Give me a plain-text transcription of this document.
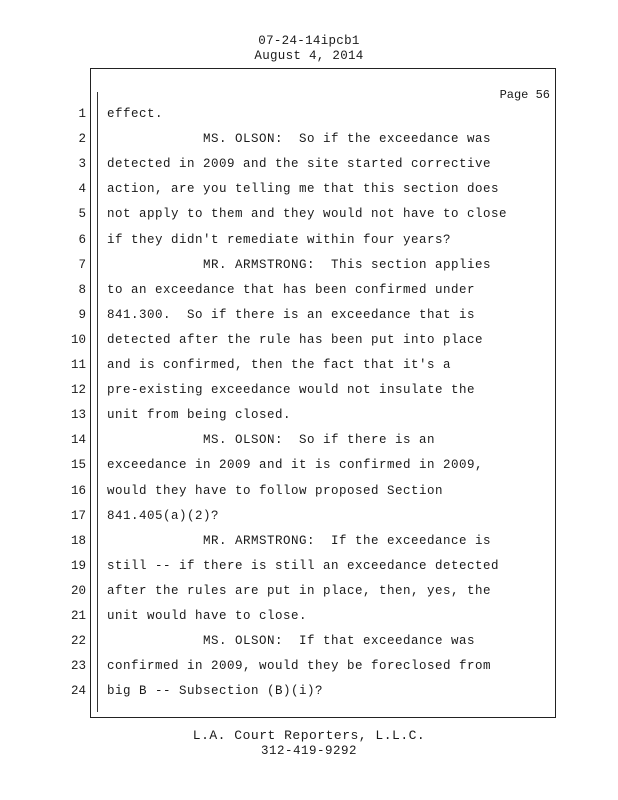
07-24-14ipcb1
August 4, 2014
Page 56
1 effect.
2 MS. OLSON:  So if the exceedance was
3 detected in 2009 and the site started corrective
4 action, are you telling me that this section does
5 not apply to them and they would not have to close
6 if they didn't remediate within four years?
7 MR. ARMSTRONG:  This section applies
8 to an exceedance that has been confirmed under
9 841.300.  So if there is an exceedance that is
10 detected after the rule has been put into place
11 and is confirmed, then the fact that it's a
12 pre-existing exceedance would not insulate the
13 unit from being closed.
14 MS. OLSON:  So if there is an
15 exceedance in 2009 and it is confirmed in 2009,
16 would they have to follow proposed Section
17 841.405(a)(2)?
18 MR. ARMSTRONG:  If the exceedance is
19 still -- if there is still an exceedance detected
20 after the rules are put in place, then, yes, the
21 unit would have to close.
22 MS. OLSON:  If that exceedance was
23 confirmed in 2009, would they be foreclosed from
24 big B -- Subsection (B)(i)?
L.A. Court Reporters, L.L.C.
312-419-9292
